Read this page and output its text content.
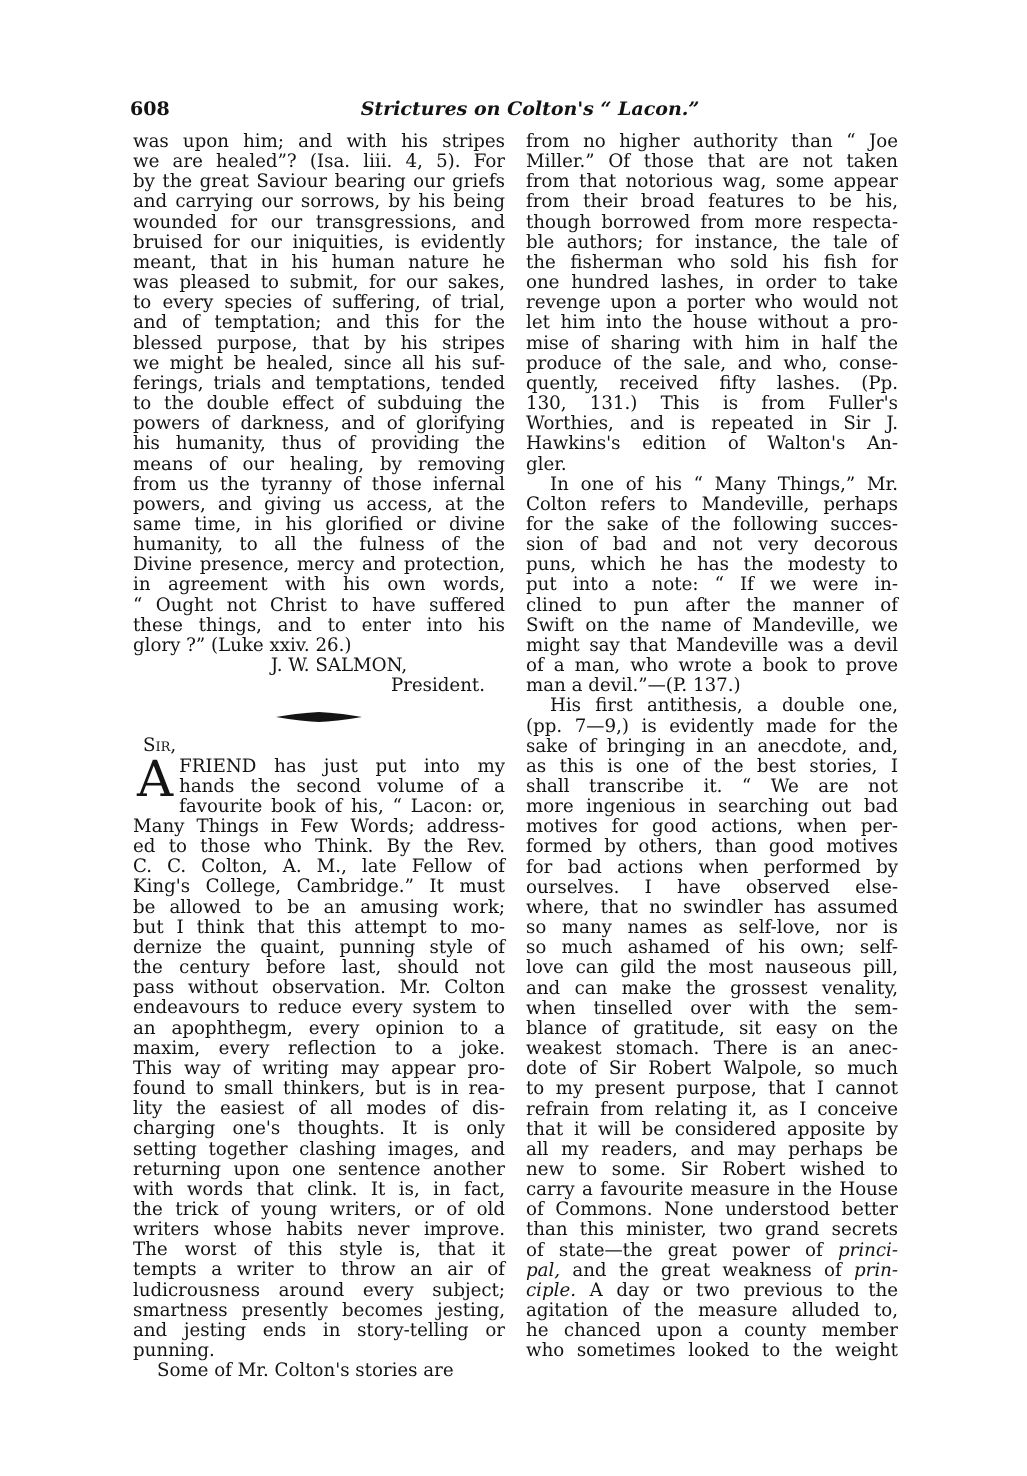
608	Strictures on Colton's “ Lacon.”

was upon him; and with his stripes

we are healed”? (Isa. liii. 4, 5). For

by the great Saviour bearing our griefs

and carrying our sorrows, by his being

wounded for our transgressions, and

bruised for our iniquities, is evidently

meant, that in his human nature he

was pleased to submit, for our sakes,

to every species of suffering, of trial,

and of temptation; and this for the

blessed purpose, that by his stripes

we might be healed, since all his suf-

ferings, trials and temptations, tended

to the double effect of subduing the

powers of darkness, and of glorifying

his humanity, thus of providing the

means of our healing, by removing

from us the tyranny of those infernal

powers, and giving us access, at the

same time, in his glorified or divine

humanity, to all the fulness of the

Divine presence, mercy and protection,

in agreement with his own words,

“ Ought not Christ to have suffered

these things, and to enter into his

glory ?” (Luke xxiv. 26.)

J. W. SALMON,

President.

Sir,

AFRIEND has just put into my

hands the second volume of a

favourite book of his, “ Lacon: or,

Many Things in Few Words; address-

ed to those who Think. By the Rev.

C. C. Colton, A. M., late Fellow of

King's College, Cambridge.” It must

be allowed to be an amusing work;

but I think that this attempt to mo-

dernize the quaint, punning style of

the century before last, should not

pass without observation. Mr. Colton

endeavours to reduce every system to

an apophthegm, every opinion to a

maxim, every reflection to a joke.

This way of writing may appear pro-

found to small thinkers, but is in rea-

lity the easiest of all modes of dis-

charging one's thoughts. It is only

setting together clashing images, and

returning upon one sentence another

with words that clink. It is, in fact,

the trick of young writers, or of old

writers whose habits never improve.

The worst of this style is, that it

tempts a writer to throw an air of

ludicrousness around every subject;

smartness presently becomes jesting,

and jesting ends in story-telling or

punning.

Some of Mr. Colton's stories are

from no higher authority than “ Joe

Miller.” Of those that are not taken

from that notorious wag, some appear

from their broad features to be his,

though borrowed from more respecta-

ble authors; for instance, the tale of

the fisherman who sold his fish for

one hundred lashes, in order to take

revenge upon a porter who would not

let him into the house without a pro-

mise of sharing with him in half the

produce of the sale, and who, conse-

quently, received fifty lashes. (Pp.

130, 131.) This is from Fuller's

Worthies, and is repeated in Sir J.

Hawkins's edition of Walton's An-

gler.

In one of his “ Many Things,” Mr.

Colton refers to Mandeville, perhaps

for the sake of the following succes-

sion of bad and not very decorous

puns, which he has the modesty to

put into a note: “ If we were in-

clined to pun after the manner of

Swift on the name of Mandeville, we

might say that Mandeville was a devil

of a man, who wrote a book to prove

man a devil.”—(P. 137.)

His first antithesis, a double one,

(pp. 7—9,) is evidently made for the

sake of bringing in an anecdote, and,

as this is one of the best stories, I

shall transcribe it. “ We are not

more ingenious in searching out bad

motives for good actions, when per-

formed by others, than good motives

for bad actions when performed by

ourselves. I have observed else-

where, that no swindler has assumed

so many names as self-love, nor is

so much ashamed of his own; self-

love can gild the most nauseous pill,

and can make the grossest venality,

when tinselled over with the sem-

blance of gratitude, sit easy on the

weakest stomach. There is an anec-

dote of Sir Robert Walpole, so much

to my present purpose, that I cannot

refrain from relating it, as I conceive

that it will be considered apposite by

all my readers, and may perhaps be

new to some. Sir Robert wished to

carry a favourite measure in the House

of Commons. None understood better

than this minister, two grand secrets

of state—the great power of princi-

pal, and the great weakness of prin-

ciple. A day or two previous to the

agitation of the measure alluded to,

he chanced upon a county member

who sometimes looked to the weight
